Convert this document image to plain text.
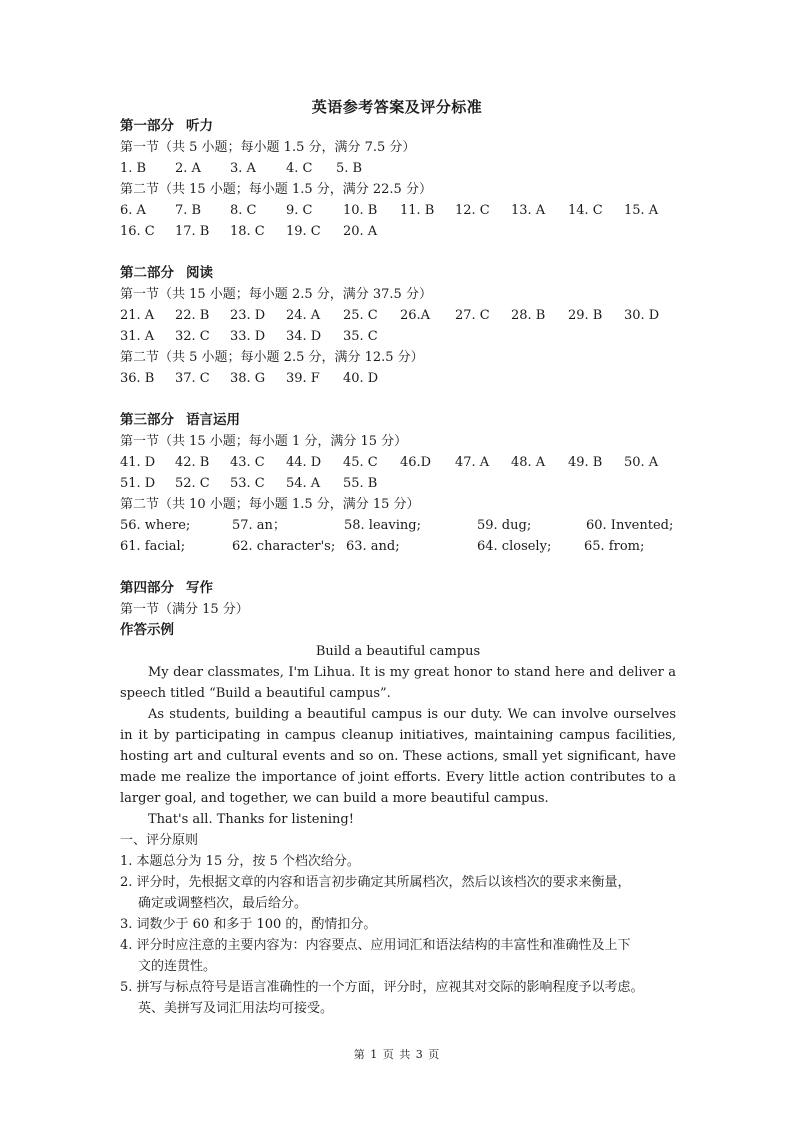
英语参考答案及评分标准
第一部分 听力
第一节（共 5 小题；每小题 1.5 分，满分 7.5 分）
1. B 2. A 3. A 4. C 5. B
第二节（共 15 小题；每小题 1.5 分，满分 22.5 分）
6. A 7. B 8. C 9. C 10. B 11. B 12. C 13. A 14. C 15. A
16. C 17. B 18. C 19. C 20. A
第二部分 阅读
第一节（共 15 小题；每小题 2.5 分，满分 37.5 分）
21. A 22. B 23. D 24. A 25. C 26.A 27. C 28. B 29. B 30. D
31. A 32. C 33. D 34. D 35. C
第二节（共 5 小题；每小题 2.5 分，满分 12.5 分）
36. B 37. C 38. G 39. F 40. D
第三部分 语言运用
第一节（共 15 小题；每小题 1 分，满分 15 分）
41. D 42. B 43. C 44. D 45. C 46.D 47. A 48. A 49. B 50. A
51. D 52. C 53. C 54. A 55. B
第二节（共 10 小题；每小题 1.5 分，满分 15 分）
56. where;	57. an；	58. leaving;	59. dug;	60. Invented;
61. facial;	62. character's; 63. and;	64. closely;	65. from;
第四部分 写作
第一节（满分 15 分）
作答示例
Build a beautiful campus

My dear classmates, I'm Lihua. It is my great honor to stand here and deliver a speech titled “Build a beautiful campus”.

As students, building a beautiful campus is our duty. We can involve ourselves in it by participating in campus cleanup initiatives, maintaining campus facilities, hosting art and cultural events and so on. These actions, small yet significant, have made me realize the importance of joint efforts. Every little action contributes to a larger goal, and together, we can build a more beautiful campus.

That's all. Thanks for listening!

一、评分原则

1. 本题总分为 15 分，按 5 个档次给分。

2. 评分时，先根据文章的内容和语言初步确定其所属档次，然后以该档次的要求来衡量，

确定或调整档次，最后给分。

3. 词数少于 60 和多于 100 的，酌情扣分。

4. 评分时应注意的主要内容为：内容要点、应用词汇和语法结构的丰富性和准确性及上下

文的连贯性。

5. 拼写与标点符号是语言准确性的一个方面，评分时，应视其对交际的影响程度予以考虑。

英、美拼写及词汇用法均可接受。

第 1 页 共 3 页
